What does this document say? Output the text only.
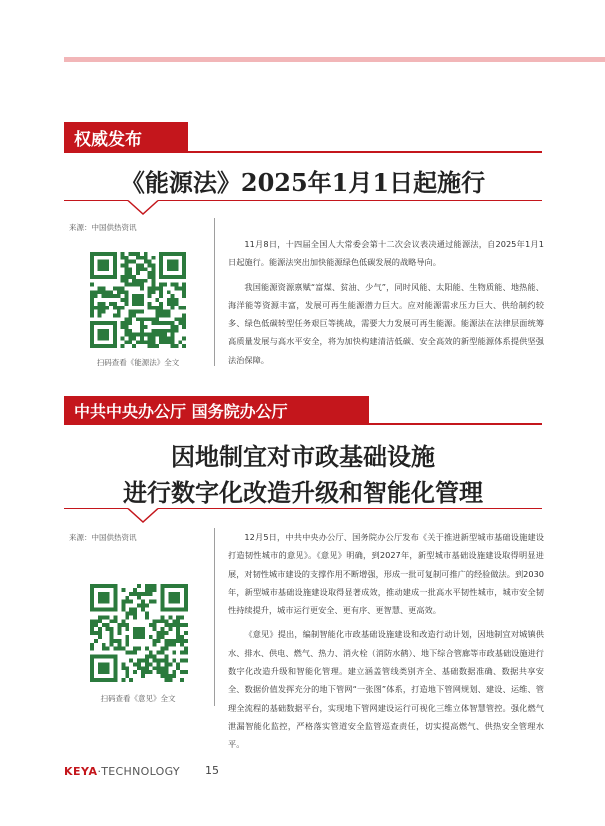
权威发布
《能源法》2025年1月1日起施行
来源：中国供热资讯
扫码查看《能源法》全文

11月8日，十四届全国人大常委会第十二次会议表决通过能源法，自2025年1月1日起施行。能源法突出加快能源绿色低碳发展的战略导向。

我国能源资源禀赋“富煤、贫油、少气”，同时风能、太阳能、生物质能、地热能、海洋能等资源丰富，发展可再生能源潜力巨大。应对能源需求压力巨大、供给制约较多、绿色低碳转型任务艰巨等挑战，需要大力发展可再生能源。能源法在法律层面统筹高质量发展与高水平安全，将为加快构建清洁低碳、安全高效的新型能源体系提供坚强法治保障。

中共中央办公厅 国务院办公厅
因地制宜对市政基础设施
进行数字化改造升级和智能化管理
来源：中国供热资讯
扫码查看《意见》全文

12月5日，中共中央办公厅、国务院办公厅发布《关于推进新型城市基础设施建设打造韧性城市的意见》。《意见》明确，到2027年，新型城市基础设施建设取得明显进展，对韧性城市建设的支撑作用不断增强，形成一批可复制可推广的经验做法。到2030年，新型城市基础设施建设取得显著成效，推动建成一批高水平韧性城市，城市安全韧性持续提升，城市运行更安全、更有序、更智慧、更高效。

《意见》提出，编制智能化市政基础设施建设和改造行动计划，因地制宜对城镇供水、排水、供电、燃气、热力、消火栓（消防水鹤）、地下综合管廊等市政基础设施进行数字化改造升级和智能化管理。建立涵盖管线类别齐全、基础数据准确、数据共享安全、数据价值发挥充分的地下管网“一张图”体系，打造地下管网规划、建设、运维、管理全流程的基础数据平台，实现地下管网建设运行可视化三维立体智慧管控。强化燃气泄漏智能化监控，严格落实管道安全监管巡查责任，切实提高燃气、供热安全管理水平。

KEYA·TECHNOLOGY 15
